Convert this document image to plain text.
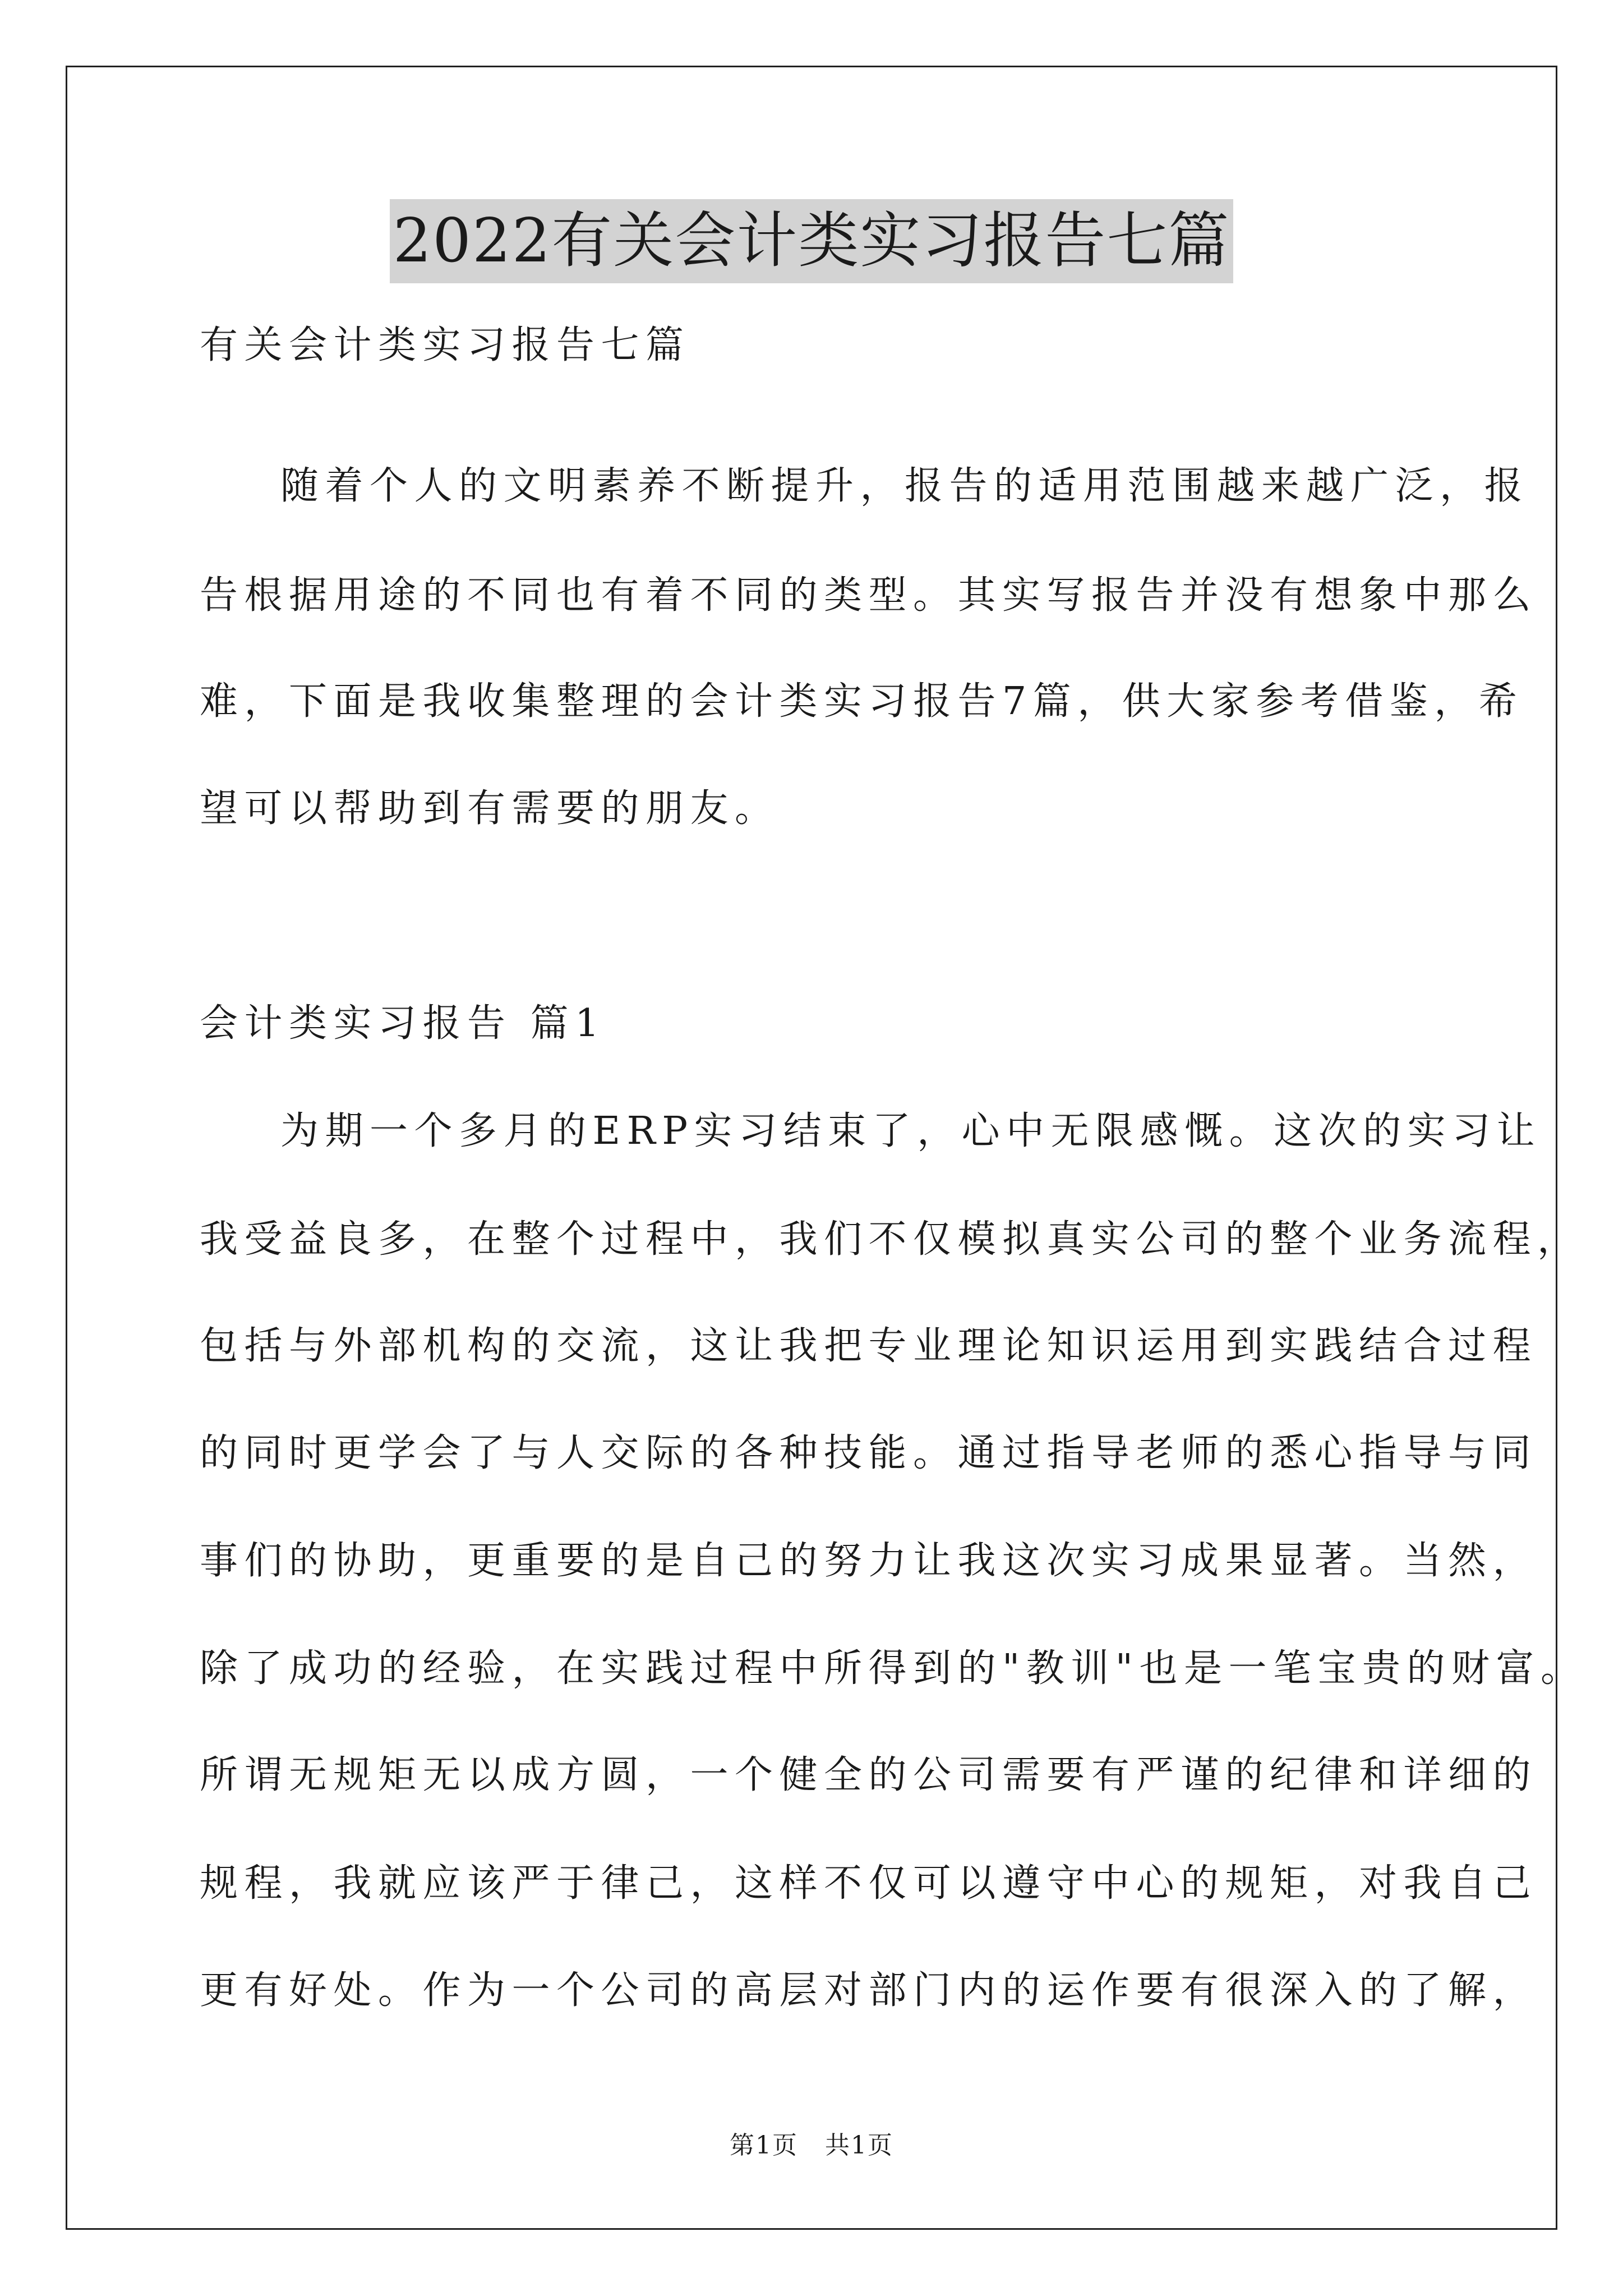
2022有关会计类实习报告七篇
有关会计类实习报告七篇
随着个人的文明素养不断提升，报告的适用范围越来越广泛，报
告根据用途的不同也有着不同的类型。其实写报告并没有想象中那么
难，下面是我收集整理的会计类实习报告7篇，供大家参考借鉴，希
望可以帮助到有需要的朋友。
会计类实习报告 篇1
为期一个多月的ERP实习结束了，心中无限感慨。这次的实习让
我受益良多，在整个过程中，我们不仅模拟真实公司的整个业务流程，
包括与外部机构的交流，这让我把专业理论知识运用到实践结合过程
的同时更学会了与人交际的各种技能。通过指导老师的悉心指导与同
事们的协助，更重要的是自己的努力让我这次实习成果显著。当然，
除了成功的经验，在实践过程中所得到的"教训"也是一笔宝贵的财富。
所谓无规矩无以成方圆，一个健全的公司需要有严谨的纪律和详细的
规程，我就应该严于律己，这样不仅可以遵守中心的规矩，对我自己
更有好处。作为一个公司的高层对部门内的运作要有很深入的了解，
第1页   共1页
